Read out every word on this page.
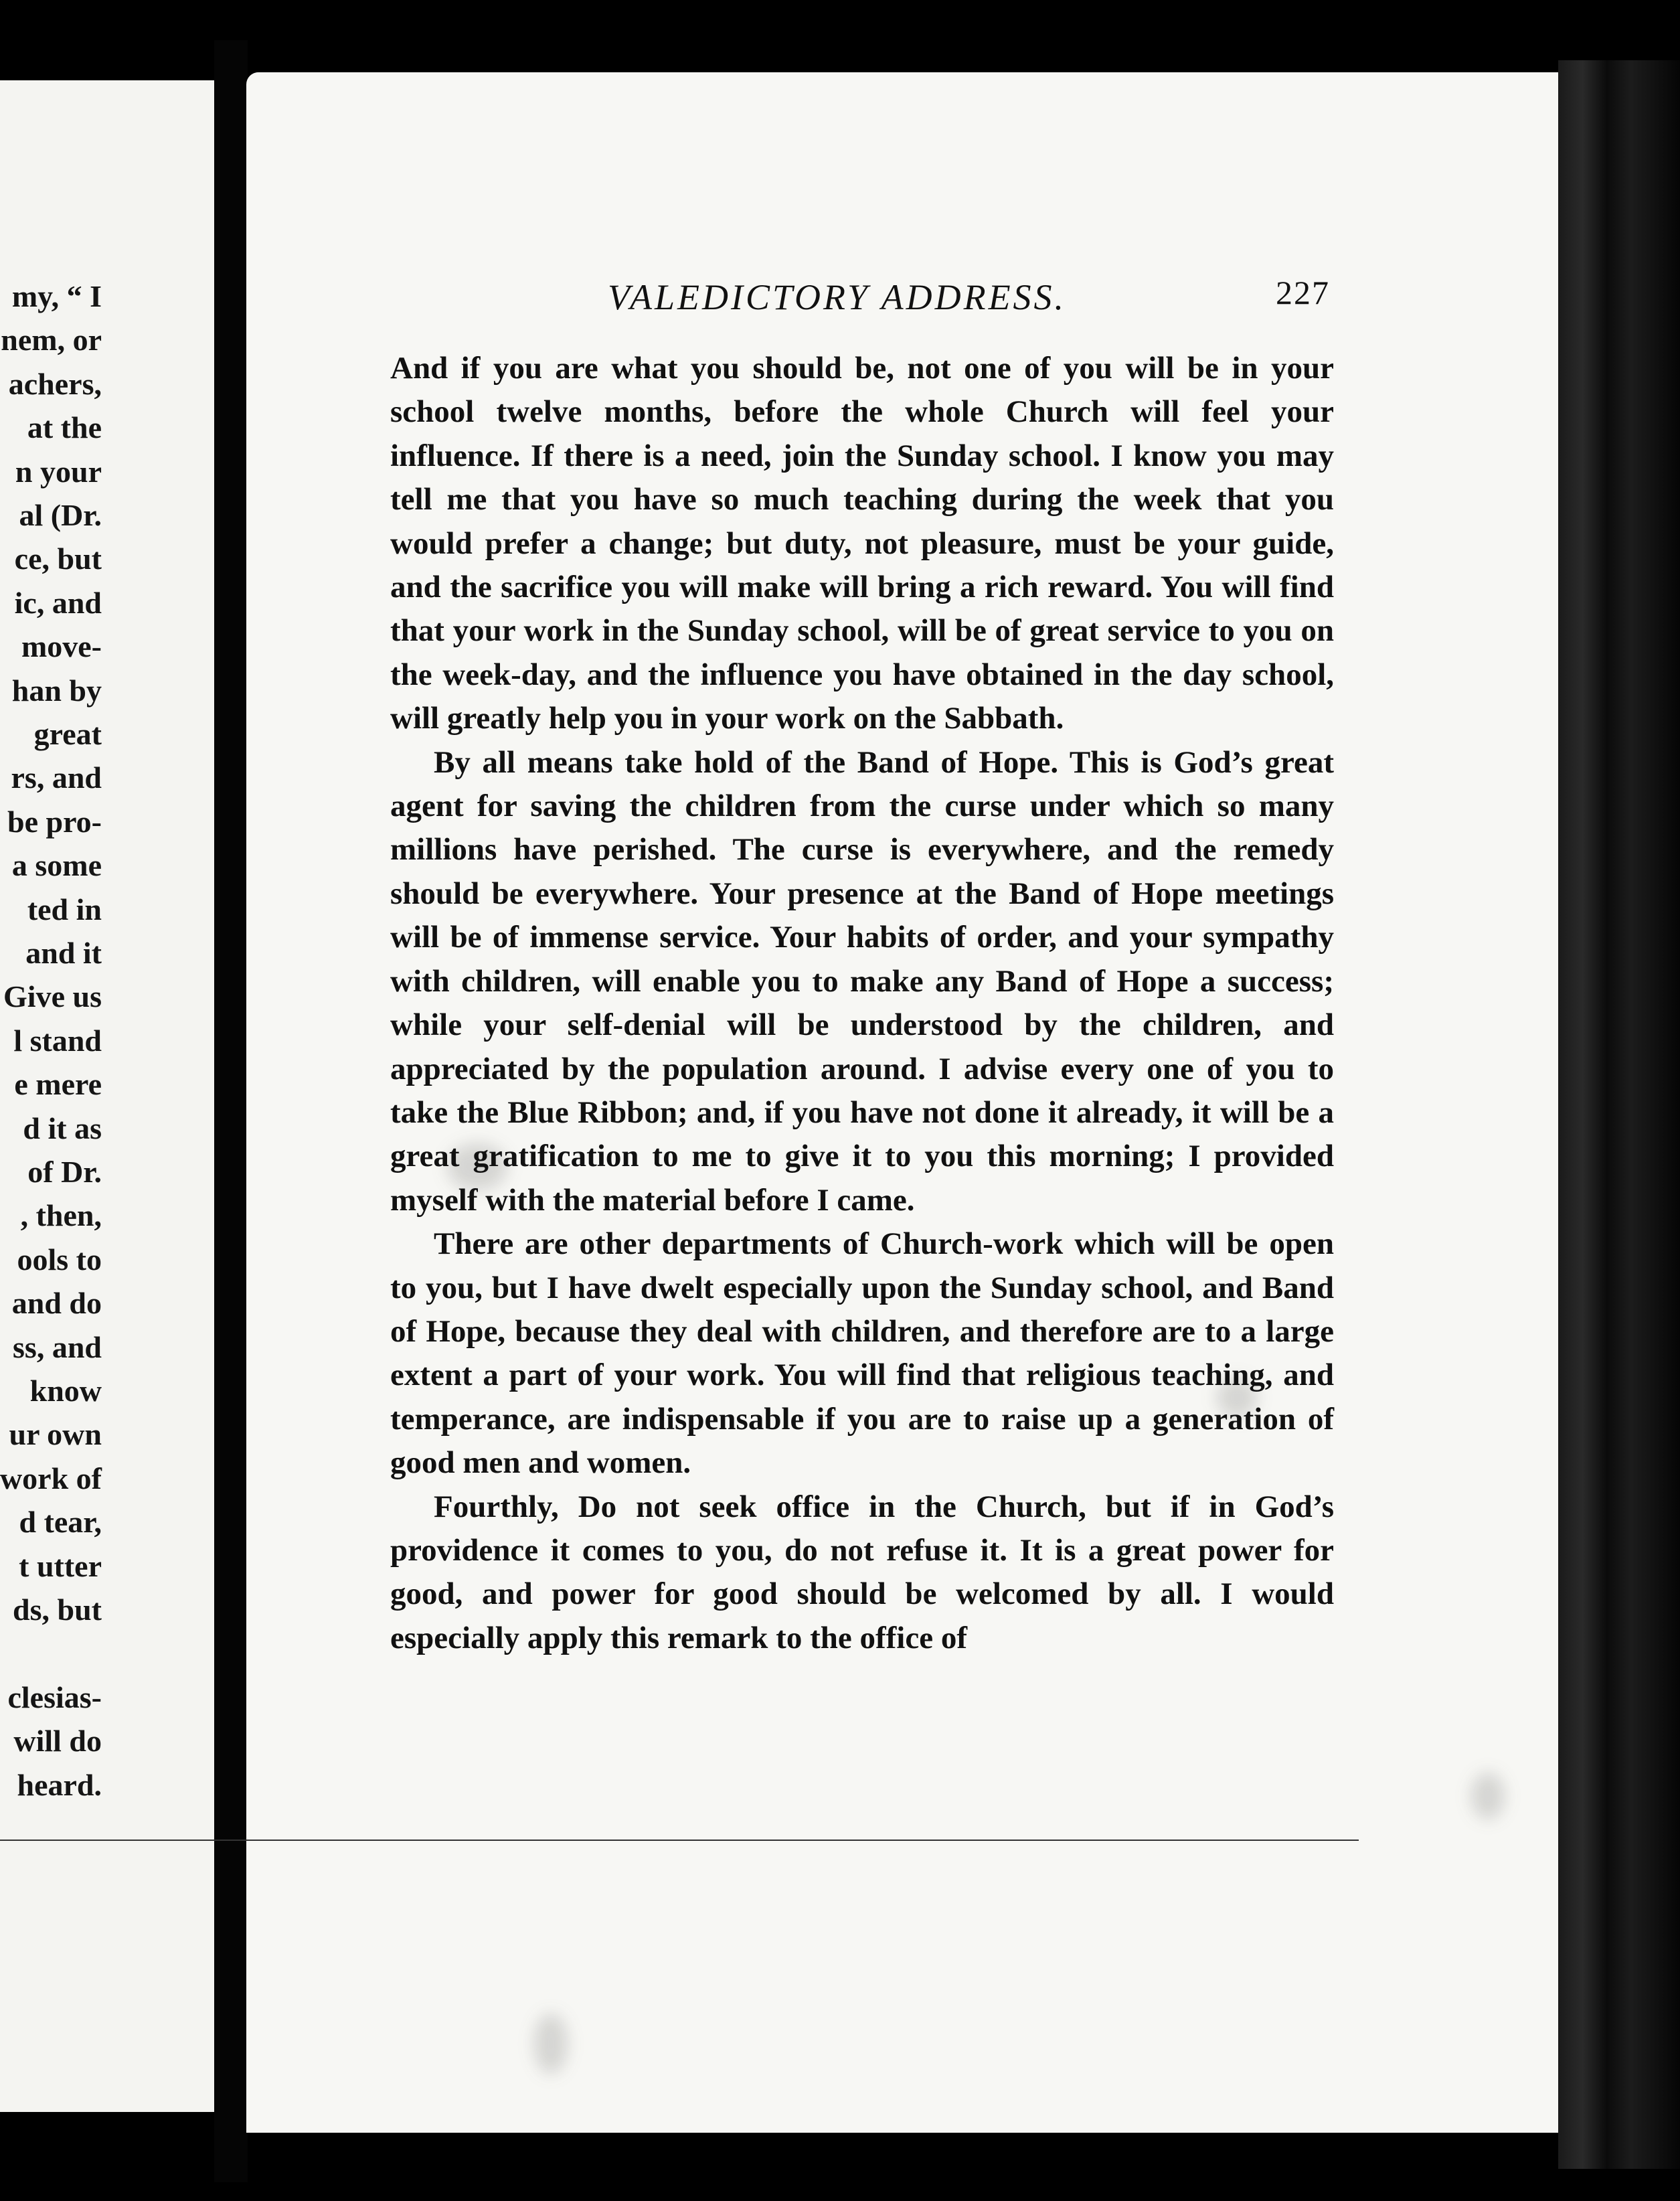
my, “ I
nem, or
achers,
at the
n your
al (Dr.
ce, but
ic, and
move-
han by
great
rs, and
be pro-
a some
ted in
and it
Give us
l stand
e mere
d it as
of Dr.
, then,
ools to
and do
ss, and
know
ur own
work of
d tear,
t utter
ds, but
clesias-
will do
heard.
VALEDICTORY ADDRESS.	227

And if you are what you should be, not one of you will be in your school twelve months, before the whole Church will feel your influence. If there is a need, join the Sunday school. I know you may tell me that you have so much teaching during the week that you would prefer a change; but duty, not pleasure, must be your guide, and the sacrifice you will make will bring a rich reward. You will find that your work in the Sunday school, will be of great service to you on the week-day, and the influence you have obtained in the day school, will greatly help you in your work on the Sabbath.

By all means take hold of the Band of Hope. This is God’s great agent for saving the children from the curse under which so many millions have perished. The curse is everywhere, and the remedy should be everywhere. Your presence at the Band of Hope meetings will be of immense service. Your habits of order, and your sympathy with children, will enable you to make any Band of Hope a success; while your self-denial will be understood by the children, and appreciated by the population around. I advise every one of you to take the Blue Ribbon; and, if you have not done it already, it will be a great gratification to me to give it to you this morning; I provided myself with the material before I came.

There are other departments of Church-work which will be open to you, but I have dwelt especially upon the Sunday school, and Band of Hope, because they deal with children, and therefore are to a large extent a part of your work. You will find that religious teaching, and temperance, are indispensable if you are to raise up a generation of good men and women.

Fourthly, Do not seek office in the Church, but if in God’s providence it comes to you, do not refuse it. It is a great power for good, and power for good should be welcomed by all. I would especially apply this remark to the office of
